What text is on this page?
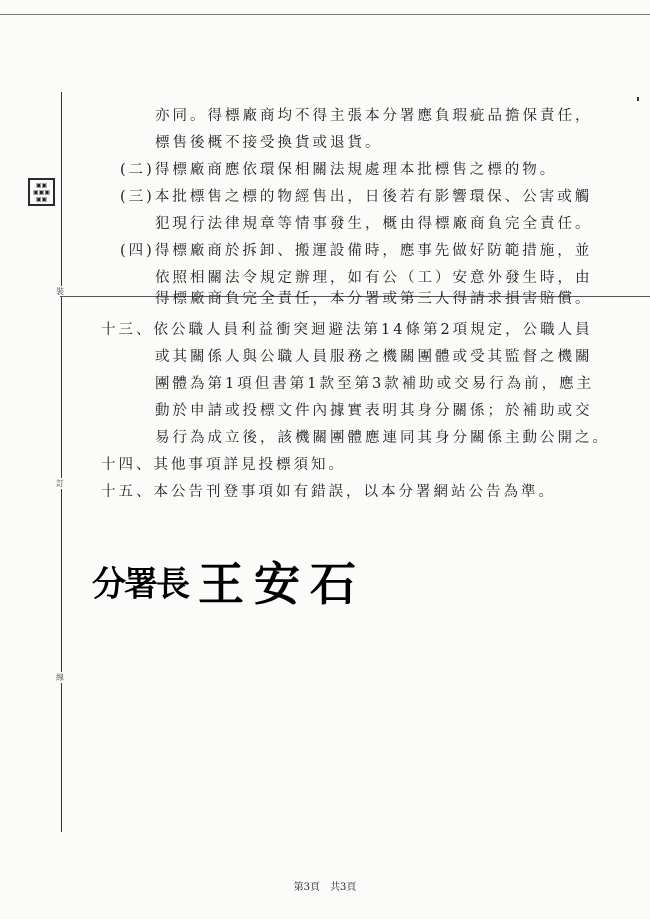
裝
訂
線
▣▣
▣▣▣
▣▣
亦同。得標廠商均不得主張本分署應負瑕疵品擔保責任，
標售後概不接受換貨或退貨。
(二)得標廠商應依環保相關法規處理本批標售之標的物。
(三)本批標售之標的物經售出，日後若有影響環保、公害或觸
犯現行法律規章等情事發生，概由得標廠商負完全責任。
(四)得標廠商於拆卸、搬運設備時，應事先做好防範措施，並
依照相關法令規定辦理，如有公（工）安意外發生時，由
得標廠商負完全責任，本分署或第三人得請求損害賠償。
十三、依公職人員利益衝突迴避法第14條第2項規定，公職人員
或其關係人與公職人員服務之機關團體或受其監督之機關
團體為第1項但書第1款至第3款補助或交易行為前，應主
動於申請或投標文件內據實表明其身分關係；於補助或交
易行為成立後，該機關團體應連同其身分關係主動公開之。
十四、其他事項詳見投標須知。
十五、本公告刊登事項如有錯誤，以本分署網站公告為準。
分署長 王安石
第3頁　共3頁
